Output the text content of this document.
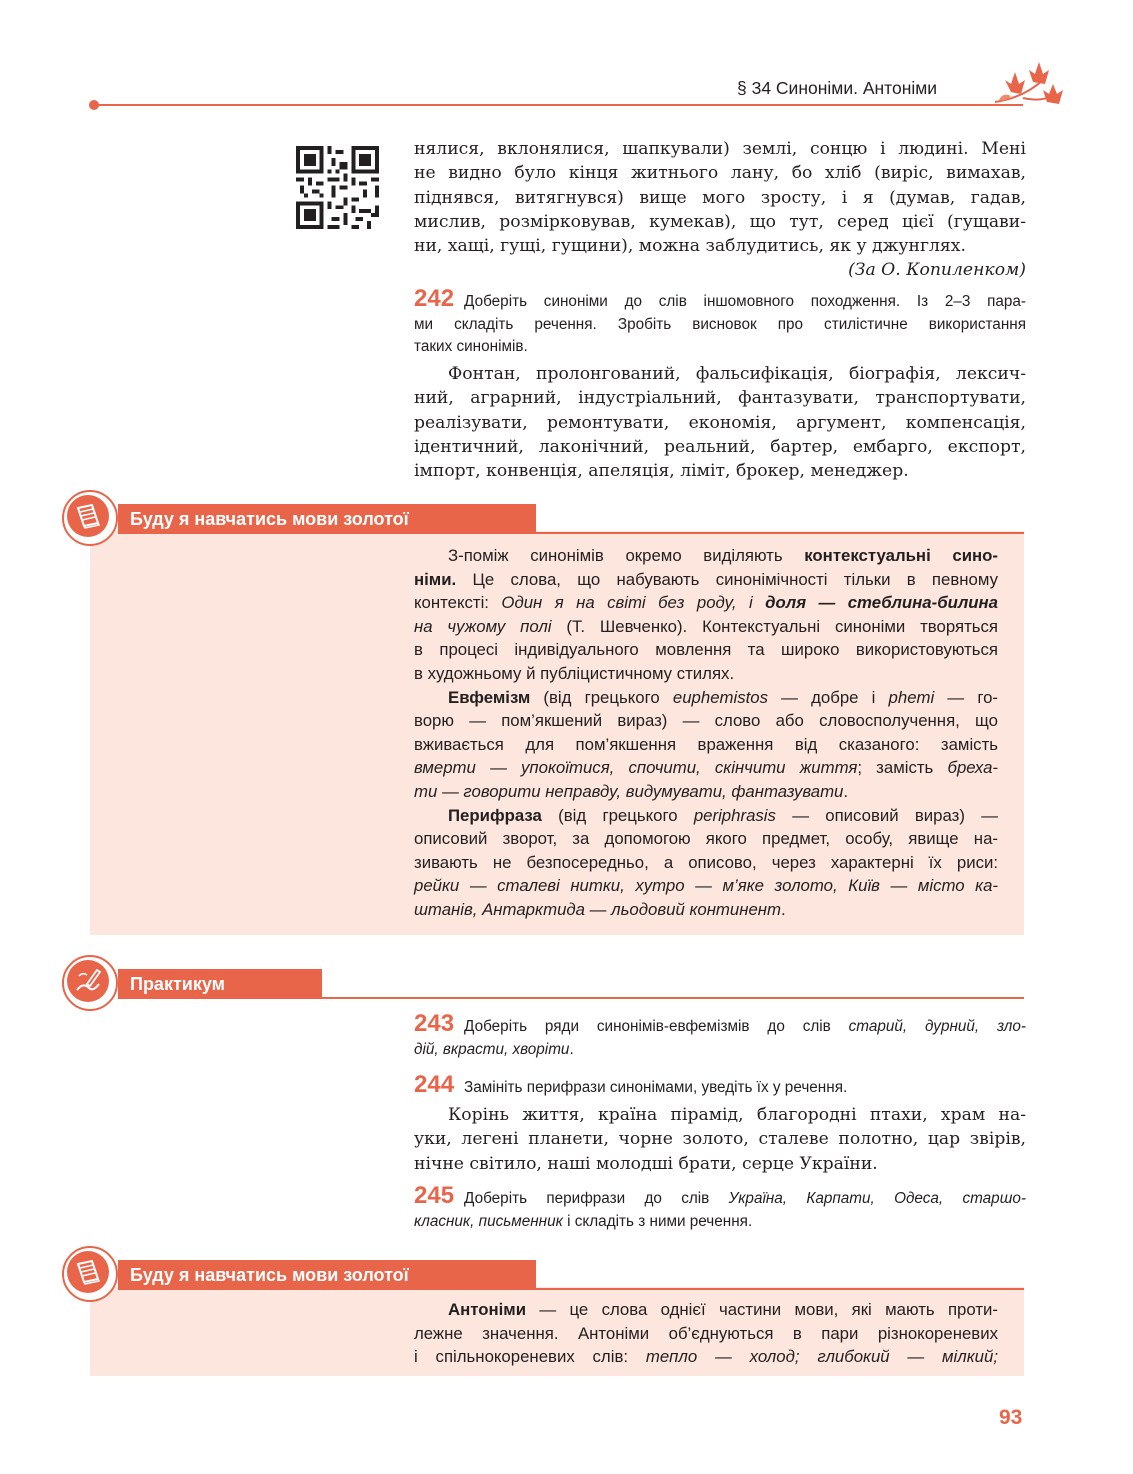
§ 34 Синоніми. Антоніми
нялися, вклонялися, шапкували) землі, сонцю і людині. Мені
не видно було кінця житнього лану, бо хліб (виріс, вимахав,
піднявся, витягнувся) вище мого зросту, і я (думав, гадав,
мислив, розмірковував, кумекав), що тут, серед цієї (гущави-
ни, хащі, гущі, гущини), можна заблудитись, як у джунглях.
(За О. Копиленком)
242 Доберіть синоніми до слів іншомовного походження. Із 2–3 пара-
ми складіть речення. Зробіть висновок про стилістичне використання
таких синонімів.
Фонтан, пролонгований, фальсифікація, біографія, лексич-
ний, аграрний, індустріальний, фантазувати, транспортувати,
реалізувати, ремонтувати, економія, аргумент, компенсація,
ідентичний, лаконічний, реальний, бартер, ембарго, експорт,
імпорт, конвенція, апеляція, ліміт, брокер, менеджер.
Буду я навчатись мови золотої
З-поміж синонімів окремо виділяють контекстуальні сино-
німи. Це слова, що набувають синонімічності тільки в певному
контексті: Один я на світі без роду, і доля — стеблина-билина
на чужому полі (Т. Шевченко). Контекстуальні синоніми творяться
в процесі індивідуального мовлення та широко використовуються
в художньому й публіцистичному стилях.
Евфемізм (від грецького euphemistos — добре і phemi — го-
ворю — пом’якшений вираз) — слово або словосполучення, що
вживається для пом’якшення враження від сказаного: замість
вмерти — упокоїтися, спочити, скінчити життя; замість бреха-
ти — говорити неправду, видумувати, фантазувати.
Перифраза (від грецького periphrasis — описовий вираз) —
описовий зворот, за допомогою якого предмет, особу, явище на-
зивають не безпосередньо, а описово, через характерні їх риси:
рейки — сталеві нитки, хутро — м’яке золото, Київ — місто ка-
штанів, Антарктида — льодовий континент.
Практикум
243 Доберіть ряди синонімів-евфемізмів до слів старий, дурний, зло-
дій, вкрасти, хворіти.
244 Замініть перифрази синонімами, уведіть їх у речення.
Корінь життя, країна пірамід, благородні птахи, храм на-
уки, легені планети, чорне золото, сталеве полотно, цар звірів,
нічне світило, наші молодші брати, серце України.
245 Доберіть перифрази до слів Україна, Карпати, Одеса, старшо-
класник, письменник і складіть з ними речення.
Буду я навчатись мови золотої
Антоніми — це слова однієї частини мови, які мають проти-
лежне значення. Антоніми об’єднуються в пари різнокореневих
і спільнокореневих слів: тепло — холод; глибокий — мілкий;
93
